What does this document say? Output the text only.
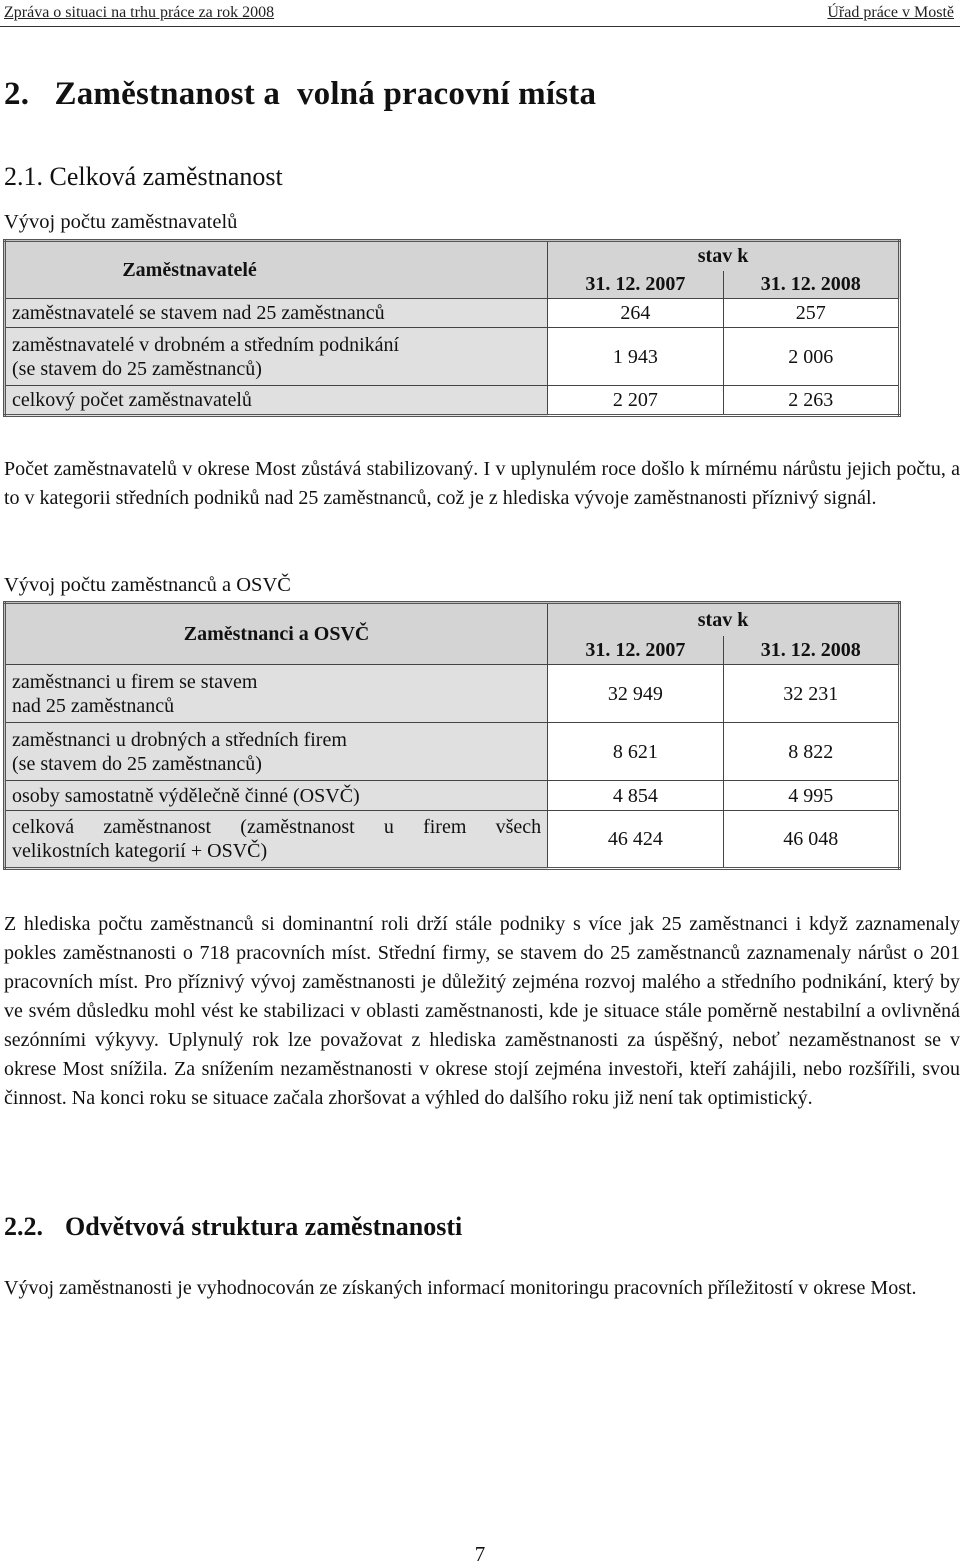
Zpráva o situaci na trhu práce za rok 2008	Úřad práce v Mostě
2.   Zaměstnanost a  volná pracovní místa
2.1. Celková zaměstnanost
Vývoj počtu zaměstnavatelů
Zaměstnavatelé	stav k	
	31. 12. 2007	31. 12. 2008
zaměstnavatelé se stavem nad 25 zaměstnanců	264	257

zaměstnavatelé v drobném a středním podnikání
(se stavem do 25 zaměstnanců)	1 943	2 006
celkový počet zaměstnavatelů	2 207	2 263

Počet zaměstnavatelů v okrese Most zůstává stabilizovaný. I v uplynulém roce došlo k mírnému nárůstu jejich počtu, a to v kategorii středních podniků nad 25 zaměstnanců, což je z hlediska vývoje zaměstnanosti příznivý signál.

Vývoj počtu zaměstnanců a OSVČ
Zaměstnanci a OSVČ	stav k	
	31. 12. 2007	31. 12. 2008

zaměstnanci u firem se stavem
nad 25 zaměstnanců	32 949	32 231

zaměstnanci u drobných a středních firem
(se stavem do 25 zaměstnanců)	8 621	8 822
osoby samostatně výdělečně činné (OSVČ)	4 854	4 995

celková zaměstnanost (zaměstnanost u firem všech
velikostních kategorií + OSVČ)	46 424	46 048

Z hlediska počtu zaměstnanců si dominantní roli drží stále podniky s více jak 25 zaměstnanci i když zaznamenaly pokles zaměstnanosti o 718 pracovních míst. Střední firmy, se stavem do 25 zaměstnanců zaznamenaly nárůst o 201 pracovních míst. Pro příznivý vývoj zaměstnanosti je důležitý zejména rozvoj malého a středního podnikání, který by ve svém důsledku mohl vést ke stabilizaci v oblasti zaměstnanosti, kde je situace stále poměrně nestabilní a ovlivněná sezónními výkyvy. Uplynulý rok lze považovat z hlediska zaměstnanosti za úspěšný, neboť nezaměstnanost se v okrese Most snížila. Za snížením nezaměstnanosti v okrese stojí zejména investoři, kteří zahájili, nebo rozšířili, svou činnost. Na konci roku se situace začala zhoršovat a výhled do dalšího roku již není tak optimistický.

2.2. Odvětvová struktura zaměstnanosti

Vývoj zaměstnanosti je vyhodnocován ze získaných informací monitoringu pracovních příležitostí v okrese Most.

7
